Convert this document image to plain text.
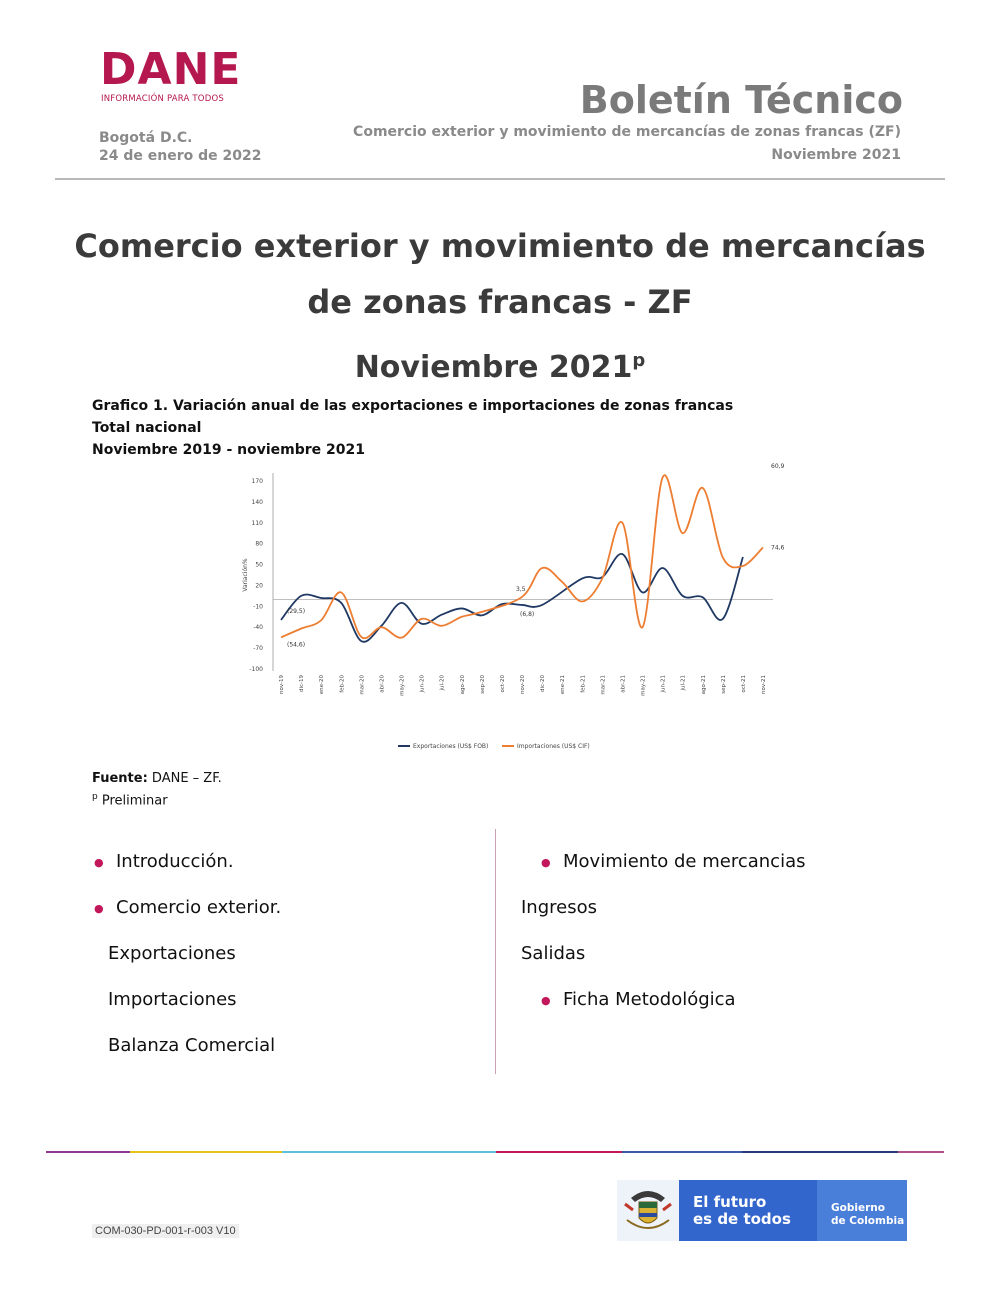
DANE
INFORMACIÓN PARA TODOS
Bogotá D.C.
24 de enero de 2022
Boletín Técnico
Comercio exterior y movimiento de mercancías de zonas francas (ZF)
Noviembre 2021
Comercio exterior y movimiento de mercancías
de zonas francas - ZF
Noviembre 2021$^p$
Grafico 1. Variación anual de las exportaciones e importaciones de zonas francas
Total nacional
Noviembre 2019 - noviembre 2021
170
140
110
80
50
20
-10
-40
-70
-100
Variación%
nov-19	dic-19	ene-20	feb-20	mar-20	abr-20	may-20	jun-20	jul-20	ago-20	sep-20	oct-20	nov-20	dic-20	ene-21	feb-21	mar-21	abr-21	may-21	jun-21	jul-21	ago-21	sep-21	oct-21	nov-21
(29,5)
(54,6)
3,5
(6,8)
74,6
60,9
Exportaciones (US$ FOB)	Importaciones (US$ CIF)
Fuente: DANE – ZF.
$^p$ Preliminar
● Introducción.
● Comercio exterior.
Exportaciones
Importaciones
Balanza Comercial
● Movimiento de mercancias
Ingresos
Salidas
● Ficha Metodológica
COM-030-PD-001-r-003 V10
El futuro
es de todos
Gobierno
de Colombia
